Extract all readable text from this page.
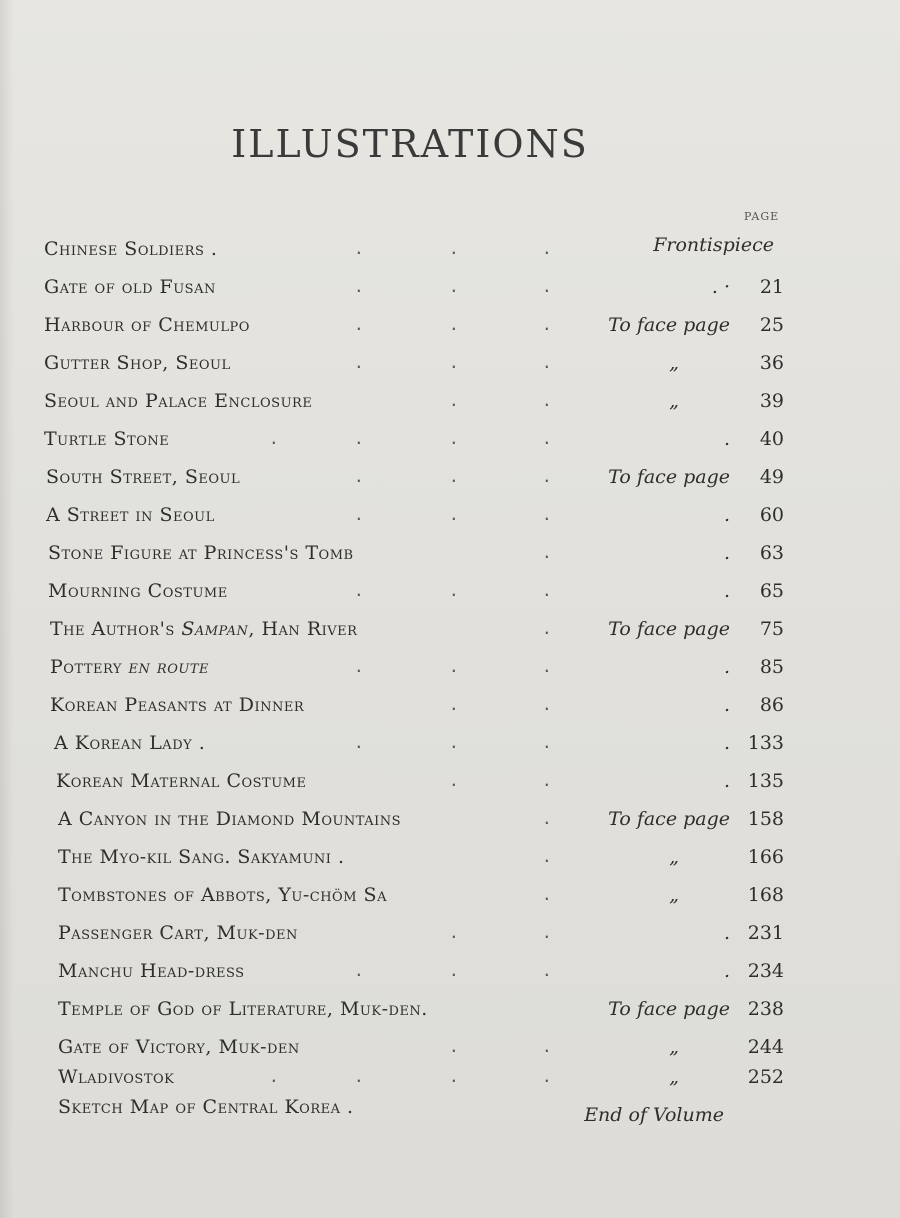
ILLUSTRATIONS
PAGE
Chinese Soldiers .	.	.	.	Frontispiece
Gate of old Fusan	.	.	.	. ·	21
Harbour of Chemulpo	.	.	.	To face page	25
Gutter Shop, Seoul	.	.	.	„	36
Seoul and Palace Enclosure	.	.	„	39
Turtle Stone	.	.	.	.	.	40
South Street, Seoul	.	.	.	To face page	49
A Street in Seoul	.	.	.	.	60
Stone Figure at Princess's Tomb	.	.	63
Mourning Costume	.	.	.	.	65
The Author's Sampan, Han River	.	To face page	75
Pottery en route	.	.	.	.	85
Korean Peasants at Dinner	.	.	.	86
A Korean Lady .	.	.	.	. 133
Korean Maternal Costume	.	.	. 135
A Canyon in the Diamond Mountains	.	To face page 158
The Myo-kil Sang. Sakyamuni .	.	„	166
Tombstones of Abbots, Yu-chöm Sa	.	„	168
Passenger Cart, Muk-den	.	.	. 231
Manchu Head-dress	.	.	.	. 234
Temple of God of Literature, Muk-den.	To face page 238
Gate of Victory, Muk-den	.	.	„	244
Wladivostok	.	.	.	.	„	252
Sketch Map of Central Korea .	End of Volume
